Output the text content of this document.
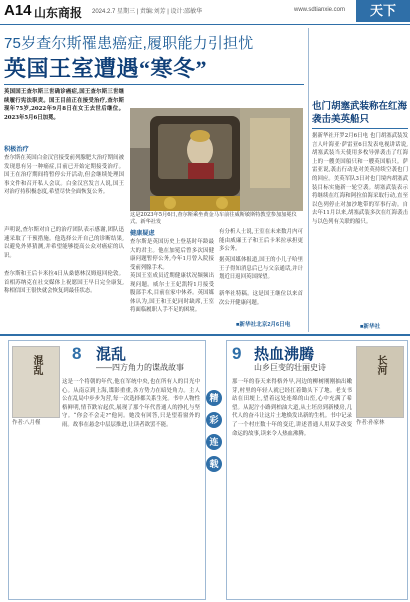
A14 山东商报 2024.2.7 星期三 | 责编:刘芳 | 设计:邵敏华	www.sdtianxie.com	天下
75岁查尔斯罹患癌症,履职能力引担忧
英国王室遭遇“寒冬”
英国国王查尔斯三世确诊癌症,国王查尔斯三世继续履行宪法职责。国王目前正在接受治疗,查尔斯现年75岁,2022年9月8日在女王去世后继位。2023年5月6日加冕。
积极治疗
查尔斯在英国白金汉宫接受前列腺肥大治疗期间被发现患有另一种癌症,目前已开始定期接受治疗。国王在治疗期间将暂停公开活动,但会继续处理国事文件和召开私人会议。白金汉宫发言人说,国王对治疗持积极态度,希望尽快全面恢复公务。
声明说,查尔斯对自己的治疗团队表示感谢,团队迅速采取了干预措施。他选择公开自己的诊断结果,以避免外界猜测,并希望能够提高公众对癌症的认识。
查尔斯和王后卡米拉4日从桑德林汉姆返回伦敦。首相苏纳克在社交媒体上祝愿国王早日完全康复,称相信国王很快就会恢复到最佳状态。
这是2023年5月6日,查尔斯乘坐黄金马车前往威斯敏斯特教堂参加加冕仪式。新华社发
健康疑虑
查尔斯是英国历史上登基时年龄最大的君主。他在加冕后曾多次因健康问题暂停公务,今年1月曾入院接受前列腺手术。
英国王室成员近期健康状况频频出现问题。威尔士王妃凯特1月接受腹部手术,目前在家中休养。英国媒体认为,国王和王妃同时缺席,王室将面临履职人手不足的困境。
有分析人士说,王室在未来数月内可能由威廉王子和王后卡米拉承担更多公务。
据英国媒体报道,国王的小儿子哈里王子得知消息后已与父亲通话,并计划近日返回英国探望。
新华社特稿。这是国王继位以来首次公开健康问题。
■新华社北京2月6日电
也门胡塞武装称在红海袭击美英船只
据新华社开罗2月6日电 也门胡塞武装发言人叶海亚·萨雷亚6日发表电视讲话说,胡塞武装当天使用多枚导弹袭击了红海上的一艘美国船只和一艘英国船只。萨雷亚说,袭击行动是对美英持续空袭也门的回应。美英军队3日对也门境内胡塞武装目标实施新一轮空袭。胡塞武装表示将继续在红海和阿拉伯海采取行动,直至以色列停止对加沙地带的军事行动。自去年11月以来,胡塞武装多次在红海袭击与以色列有关联的船只。
■新华社
8 混乱
——四方角力的谍战故事
混乱
作者:八月槿
这是一个将朝的年代,他在军统中央,也在所有人的目光中心。从南京到上海,谍影重重,各方势力在暗处角力。主人公在乱局中步步为营,每一次选择都关系生死。书中人物性格鲜明,情节跌宕起伏,展现了那个年代普通人的挣扎与坚守。“你会不会走?”他问。她没有回答,只是望着窗外的雨。故事在悬念中层层推进,让读者欲罢不能。
精
彩
连
载
9 热血沸腾
山乡巨变的壮丽史诗	长河
作者:孙家林
那一年的春天来得格外早,河边的柳树刚刚抽出嫩芽,村里的年轻人就已经扛着锄头下了地。老支书站在田埂上,望着远处连绵的山峦,心中充满了希望。从泥泞小路到柏油大道,从土坯房到新楼房,几代人的奋斗让这片土地焕发出新的生机。书中记录了一个村庄数十年的变迁,讲述普通人用双手改变命运的故事,读来令人热血沸腾。
